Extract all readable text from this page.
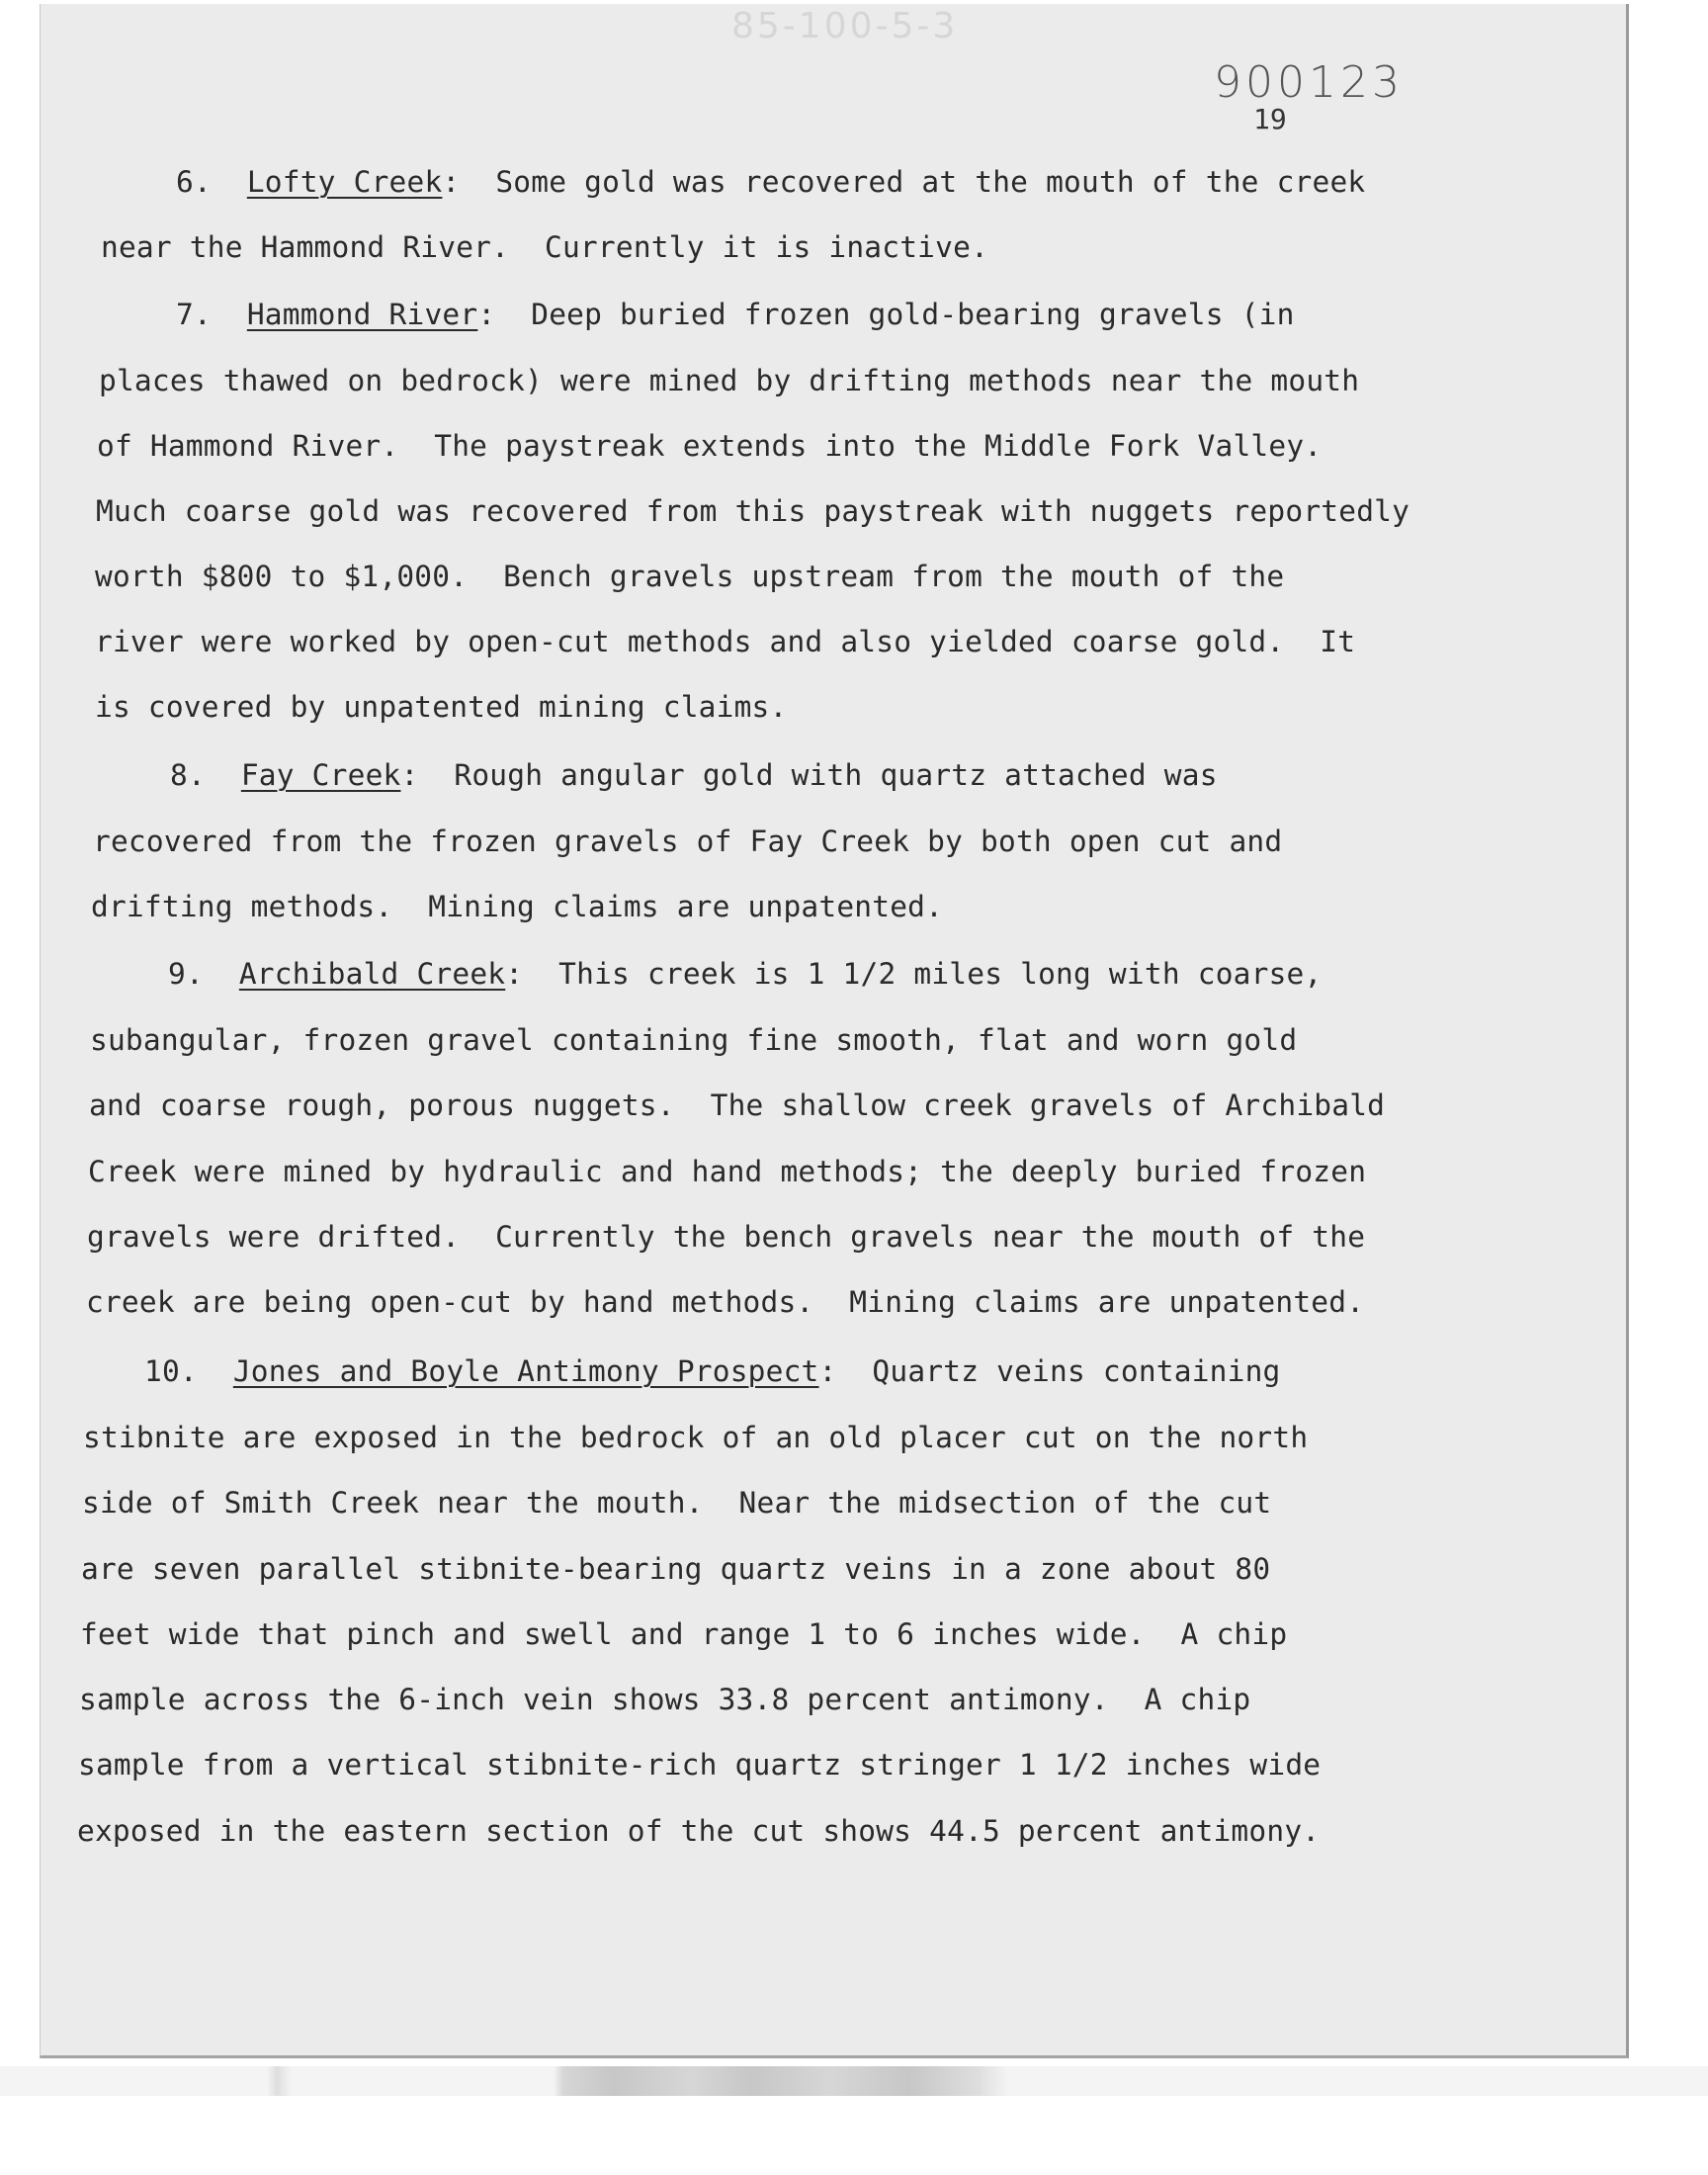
85-100-5-3
900123
19
6. Lofty Creek:  Some gold was recovered at the mouth of the creek
near the Hammond River.  Currently it is inactive.
7. Hammond River:  Deep buried frozen gold-bearing gravels (in
places thawed on bedrock) were mined by drifting methods near the mouth
of Hammond River.  The paystreak extends into the Middle Fork Valley.
Much coarse gold was recovered from this paystreak with nuggets reportedly
worth $800 to $1,000.  Bench gravels upstream from the mouth of the
river were worked by open-cut methods and also yielded coarse gold.  It
is covered by unpatented mining claims.
8. Fay Creek:  Rough angular gold with quartz attached was
recovered from the frozen gravels of Fay Creek by both open cut and
drifting methods.  Mining claims are unpatented.
9. Archibald Creek:  This creek is 1 1/2 miles long with coarse,
subangular, frozen gravel containing fine smooth, flat and worn gold
and coarse rough, porous nuggets.  The shallow creek gravels of Archibald
Creek were mined by hydraulic and hand methods; the deeply buried frozen
gravels were drifted.  Currently the bench gravels near the mouth of the
creek are being open-cut by hand methods.  Mining claims are unpatented.
10. Jones and Boyle Antimony Prospect:  Quartz veins containing
stibnite are exposed in the bedrock of an old placer cut on the north
side of Smith Creek near the mouth.  Near the midsection of the cut
are seven parallel stibnite-bearing quartz veins in a zone about 80
feet wide that pinch and swell and range 1 to 6 inches wide.  A chip
sample across the 6-inch vein shows 33.8 percent antimony.  A chip
sample from a vertical stibnite-rich quartz stringer 1 1/2 inches wide
exposed in the eastern section of the cut shows 44.5 percent antimony.
